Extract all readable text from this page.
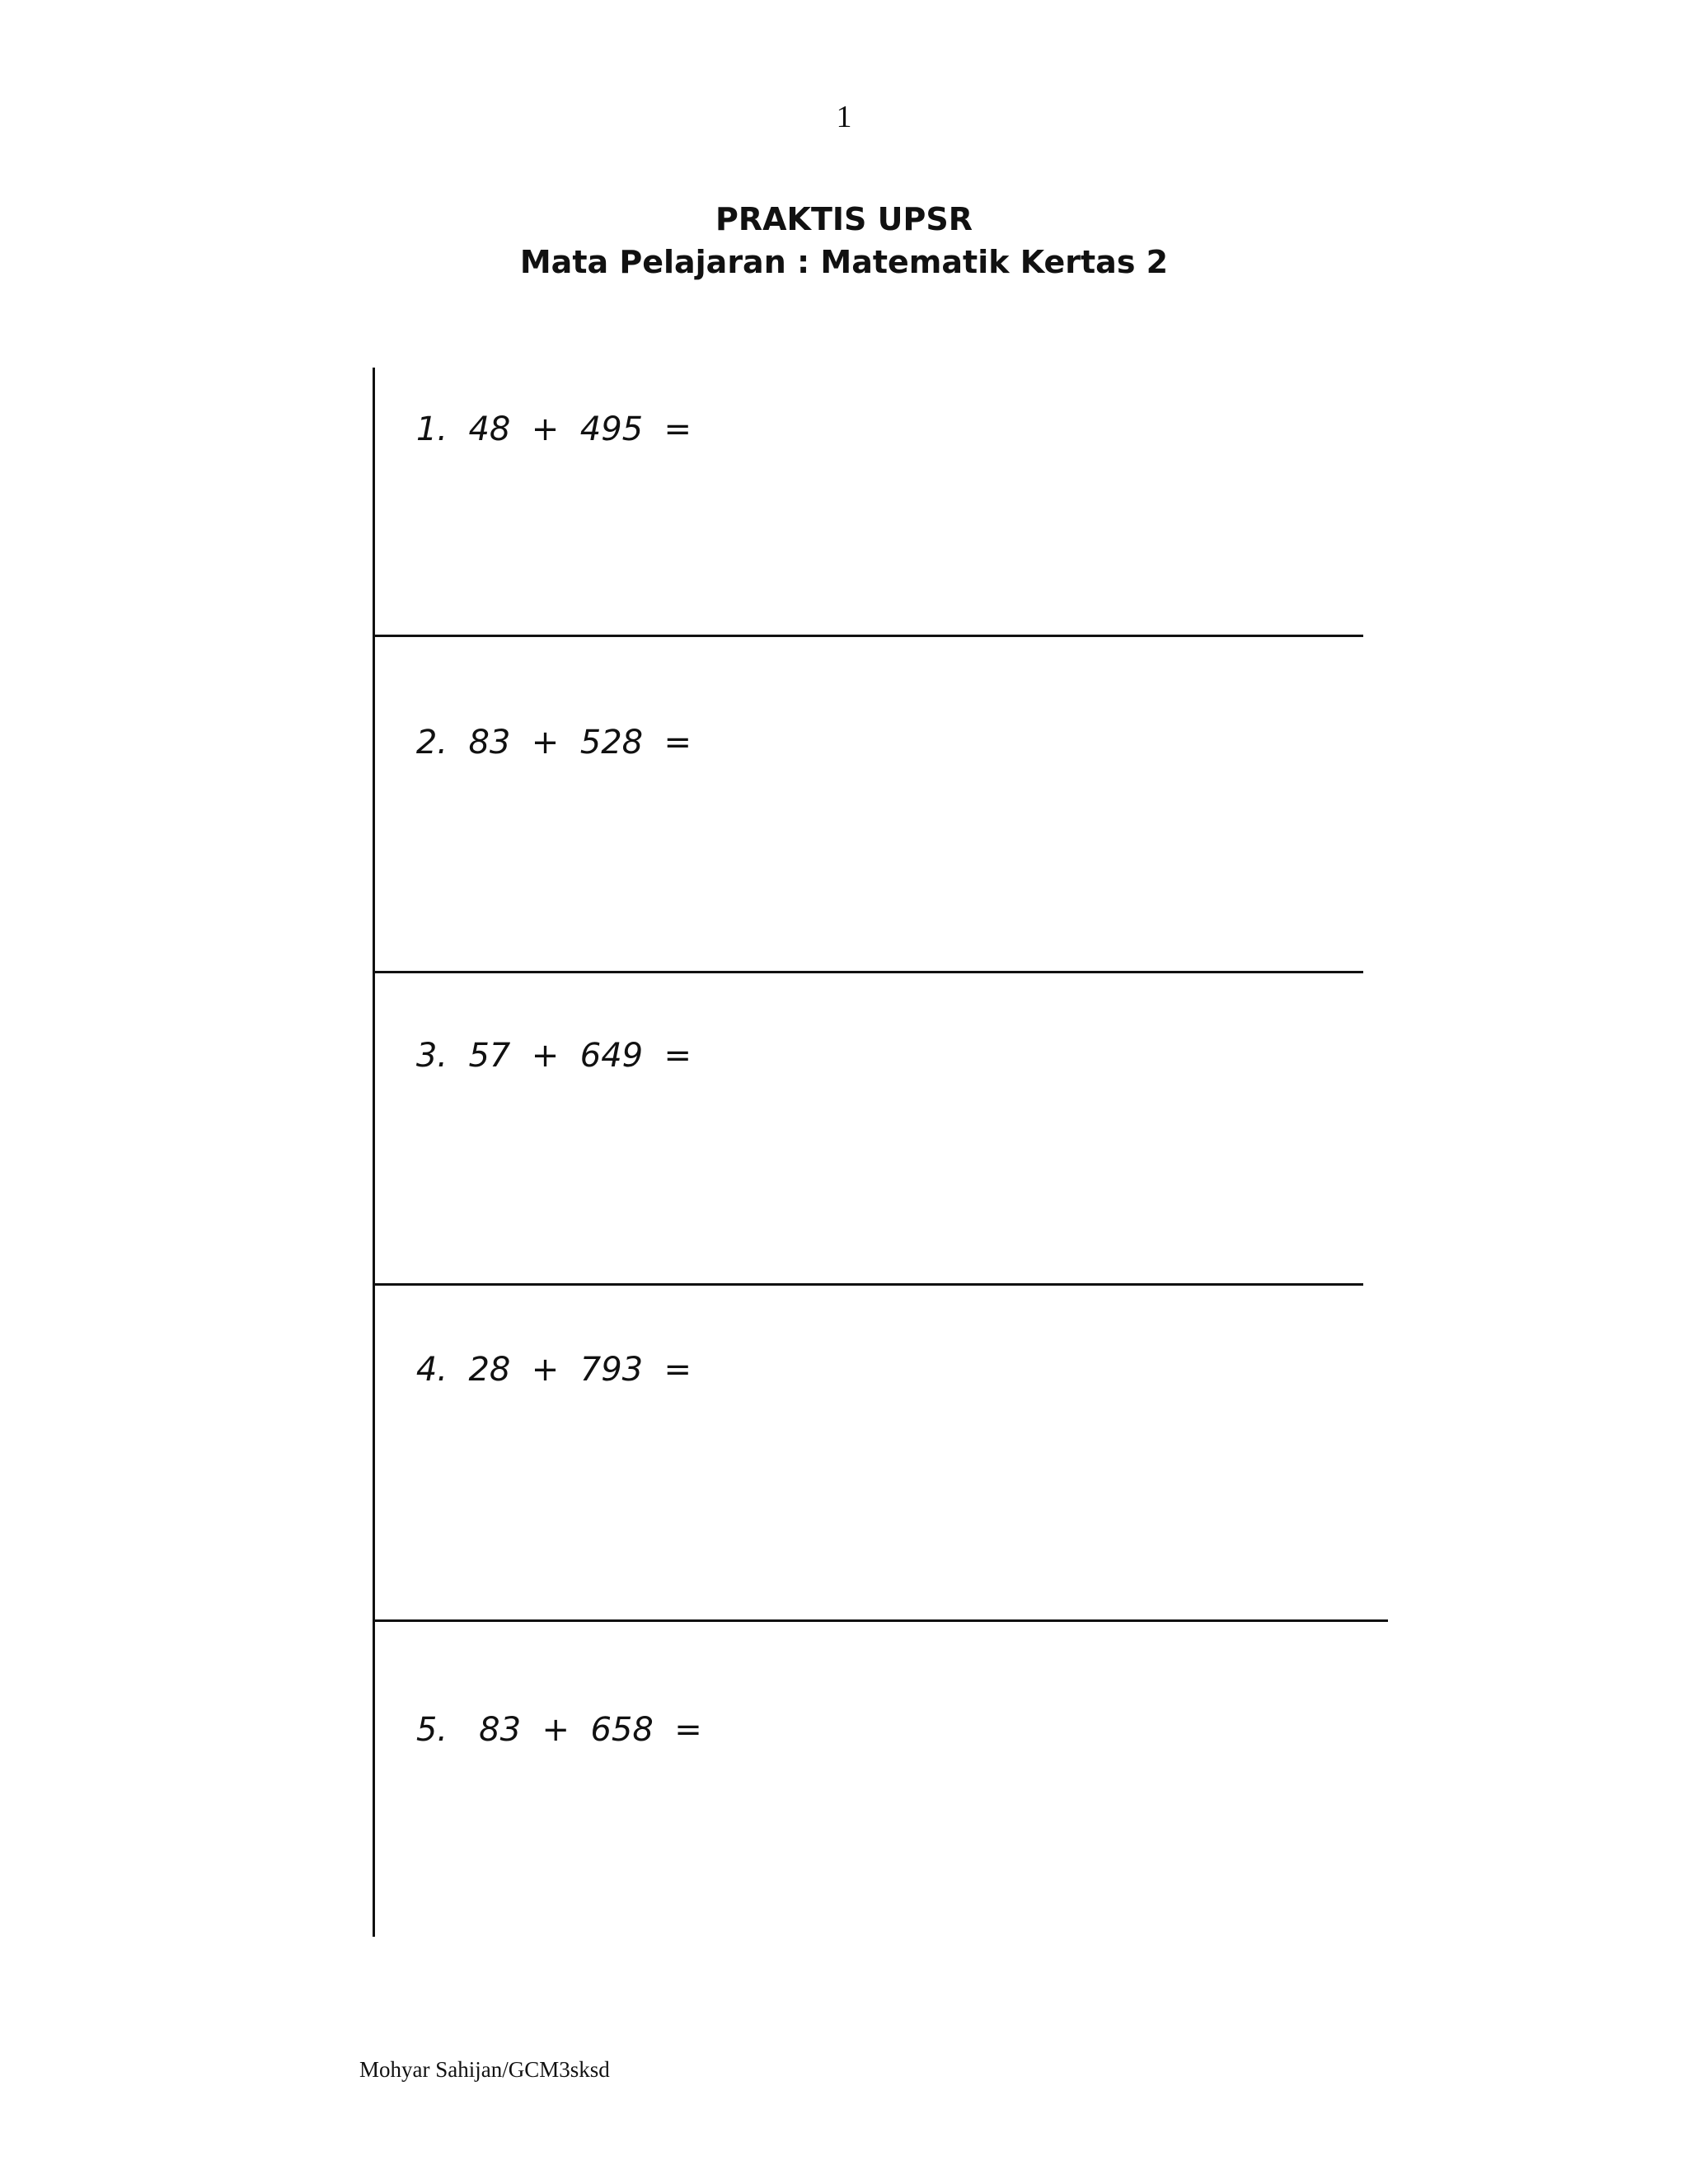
1
PRAKTIS UPSR
Mata Pelajaran : Matematik Kertas 2

1. 48  +  495  =

2. 83  +  528  =

3. 57  +  649  =

4. 28  +  793  =

5.   83  +  658  =

Mohyar Sahijan/GCM3sksd
